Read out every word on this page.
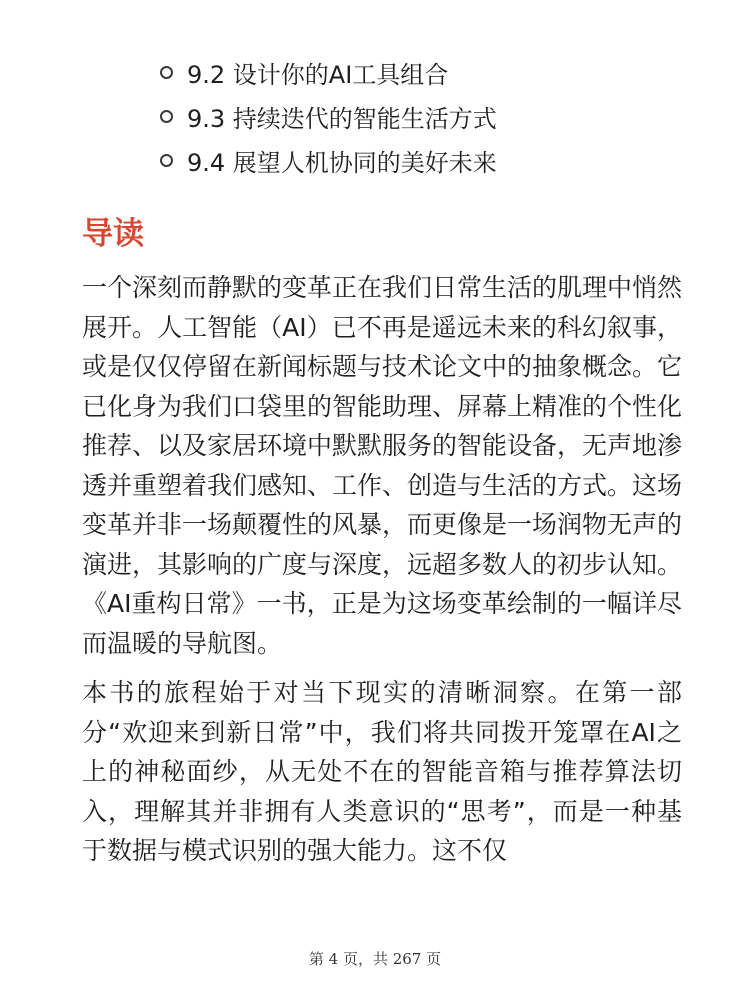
9.2 设计你的AI工具组合
9.3 持续迭代的智能生活方式
9.4 展望人机协同的美好未来
导读

一个深刻而静默的变革正在我们日常生活的肌理中悄然展开。人工智能（AI）已不再是遥远未来的科幻叙事，或是仅仅停留在新闻标题与技术论文中的抽象概念。它已化身为我们口袋里的智能助理、屏幕上精准的个性化推荐、以及家居环境中默默服务的智能设备，无声地渗透并重塑着我们感知、工作、创造与生活的方式。这场变革并非一场颠覆性的风暴，而更像是一场润物无声的演进，其影响的广度与深度，远超多数人的初步认知。《AI重构日常》一书，正是为这场变革绘制的一幅详尽而温暖的导航图。

本书的旅程始于对当下现实的清晰洞察。在第一部分“欢迎来到新日常”中，我们将共同拨开笼罩在AI之上的神秘面纱，从无处不在的智能音箱与推荐算法切入，理解其并非拥有人类意识的“思考”，而是一种基于数据与模式识别的强大能力。这不仅

第 4 页，共 267 页
